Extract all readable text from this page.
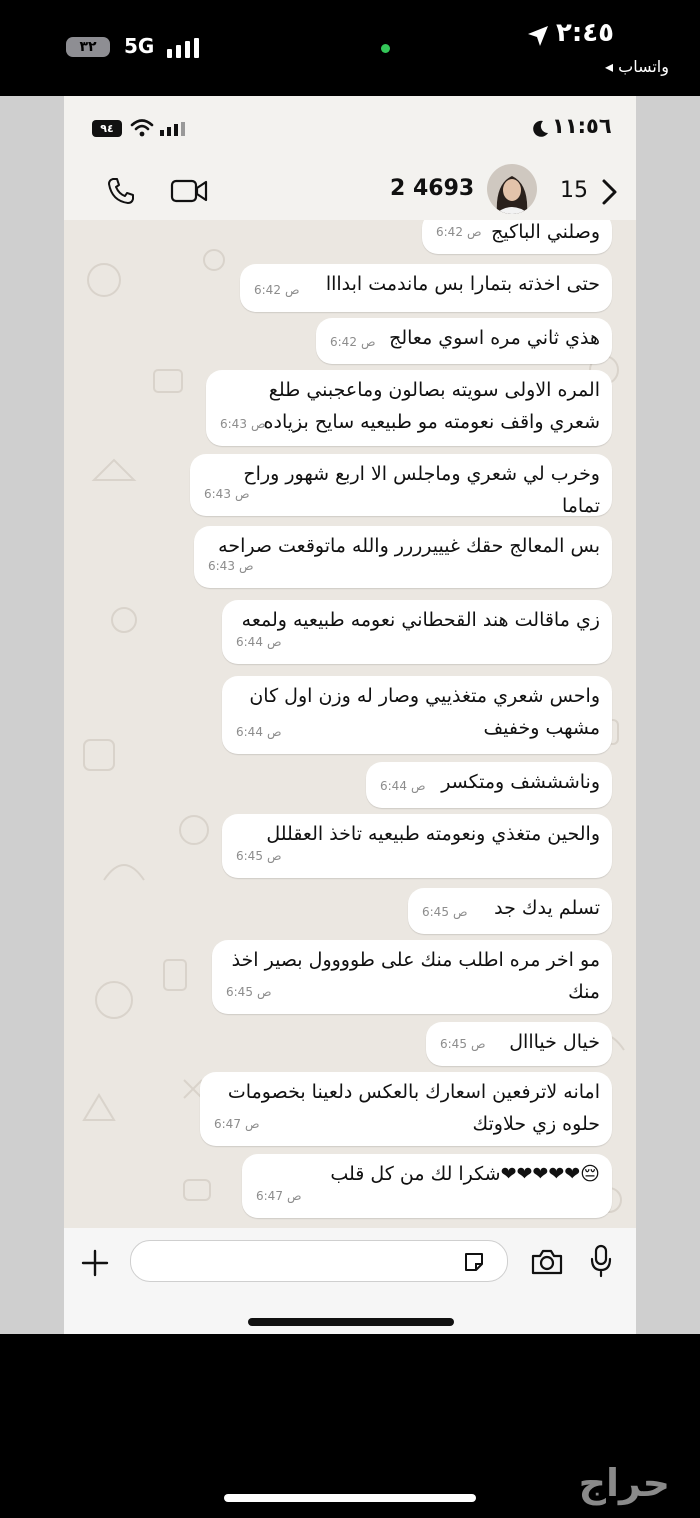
٣٢	5G	٢:٤٥
◂ واتساب
٩٤	١١:٥٦
2 4693	15
وصلني الباكيج
6:42 ص
حتى اخذته بتمارا بس ماندمت ابدااا
6:42 ص
هذي ثاني مره اسوي معالج
6:42 ص
المره الاولى سويته بصالون وماعجبني طلع شعري واقف نعومته مو طبيعيه سايح بزياده
6:43 ص
وخرب لي شعري وماجلس الا اربع شهور وراح تماما
6:43 ص
بس المعالج حقك غيييرررر والله ماتوقعت صراحه
6:43 ص
زي ماقالت هند القحطاني نعومه طبيعيه ولمعه
6:44 ص
واحس شعري متغذييي وصار له وزن اول كان مشهب وخفيف
6:44 ص
وناشششف ومتكسر
6:44 ص
والحين متغذي ونعومته طبيعيه تاخذ العقللل
6:45 ص
تسلم يدك جد
6:45 ص
مو اخر مره اطلب منك على طوووول بصير اخذ منك
6:45 ص
خيال خيااال
6:45 ص
امانه لاترفعين اسعارك بالعكس دلعينا بخصومات حلوه زي حلاوتك
6:47 ص
😔❤❤❤❤❤شكرا لك من كل قلب
6:47 ص
حراج
